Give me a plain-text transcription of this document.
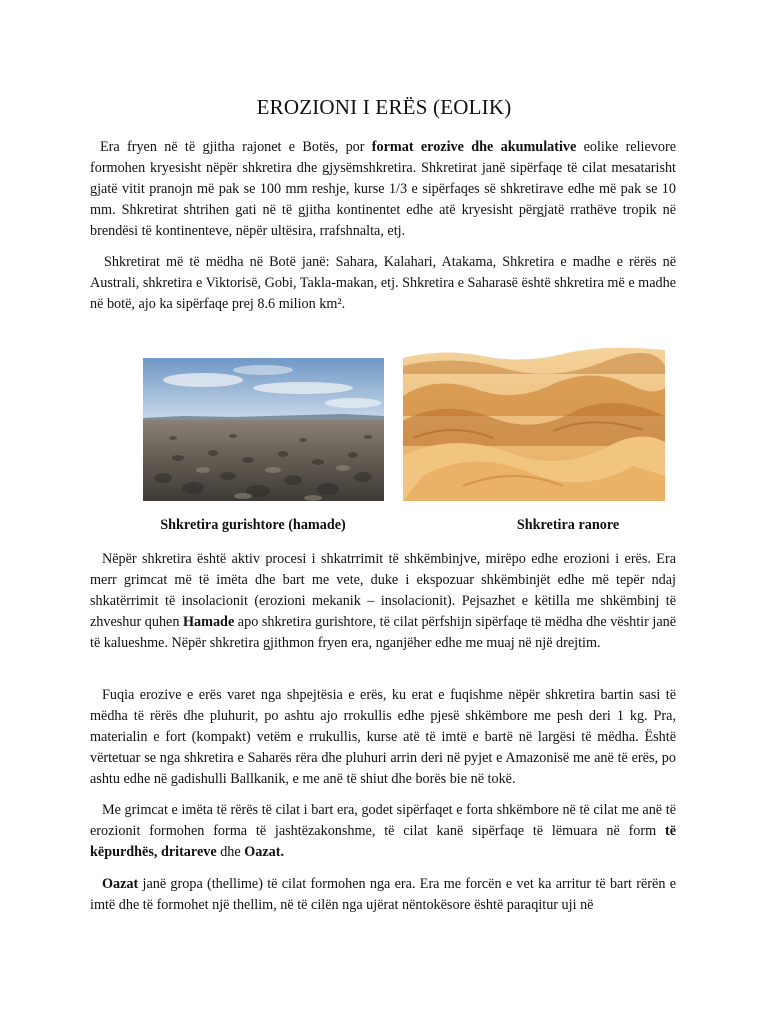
EROZIONI I ERËS (EOLIK)

Era fryen në të gjitha rajonet e Botës, por format erozive dhe akumulative eolike relievore formohen kryesisht nëpër shkretira dhe gjysëmshkretira. Shkretirat janë sipërfaqe të cilat mesatarisht gjatë vitit pranojn më pak se 100 mm reshje, kurse 1/3 e sipërfaqes së shkretirave edhe më pak se 10 mm. Shkretirat shtrihen gati në të gjitha kontinentet edhe atë kryesisht përgjatë rrathëve tropik në brendësi të kontinenteve, nëpër ultësira, rrafshnalta, etj.

Shkretirat më të mëdha në Botë janë: Sahara, Kalahari, Atakama, Shkretira e madhe e rërës në Australi, shkretira e Viktorisë, Gobi, Takla-makan, etj. Shkretira e Saharasë është shkretira më e madhe në botë, ajo ka sipërfaqe prej 8.6 milion km².

Shkretira gurishtore (hamade)	Shkretira ranore

Nëpër shkretira është aktiv procesi i shkatrrimit të shkëmbinjve, mirëpo edhe erozioni i erës. Era merr grimcat më të imëta dhe bart me vete, duke i ekspozuar shkëmbinjët edhe më tepër ndaj shkatërrimit të insolacionit (erozioni mekanik – insolacionit). Pejsazhet e këtilla me shkëmbinj të zhveshur quhen Hamade apo shkretira gurishtore, të cilat përfshijn sipërfaqe të mëdha dhe vështir janë të kalueshme. Nëpër shkretira gjithmon fryen era, nganjëher edhe me muaj në një drejtim.

Fuqia erozive e erës varet nga shpejtësia e erës, ku erat e fuqishme nëpër shkretira bartin sasi të mëdha të rërës dhe pluhurit, po ashtu ajo rrokullis edhe pjesë shkëmbore me pesh deri 1 kg. Pra, materialin e fort (kompakt) vetëm e rrukullis, kurse atë të imtë e bartë në largësi të mëdha. Është vërtetuar se nga shkretira e Saharës rëra dhe pluhuri arrin deri në pyjet e Amazonisë me anë të erës, po ashtu edhe në gadishulli Ballkanik, e me anë të shiut dhe borës bie në tokë.

Me grimcat e imëta të rërës të cilat i bart era, godet sipërfaqet e forta shkëmbore në të cilat me anë të erozionit formohen forma të jashtëzakonshme, të cilat kanë sipërfaqe të lëmuara në form të këpurdhës, dritareve dhe Oazat.

Oazat janë gropa (thellime) të cilat formohen nga era. Era me forcën e vet ka arritur të bart rërën e imtë dhe të formohet një thellim, në të cilën nga ujërat nëntokësore është paraqitur uji në
